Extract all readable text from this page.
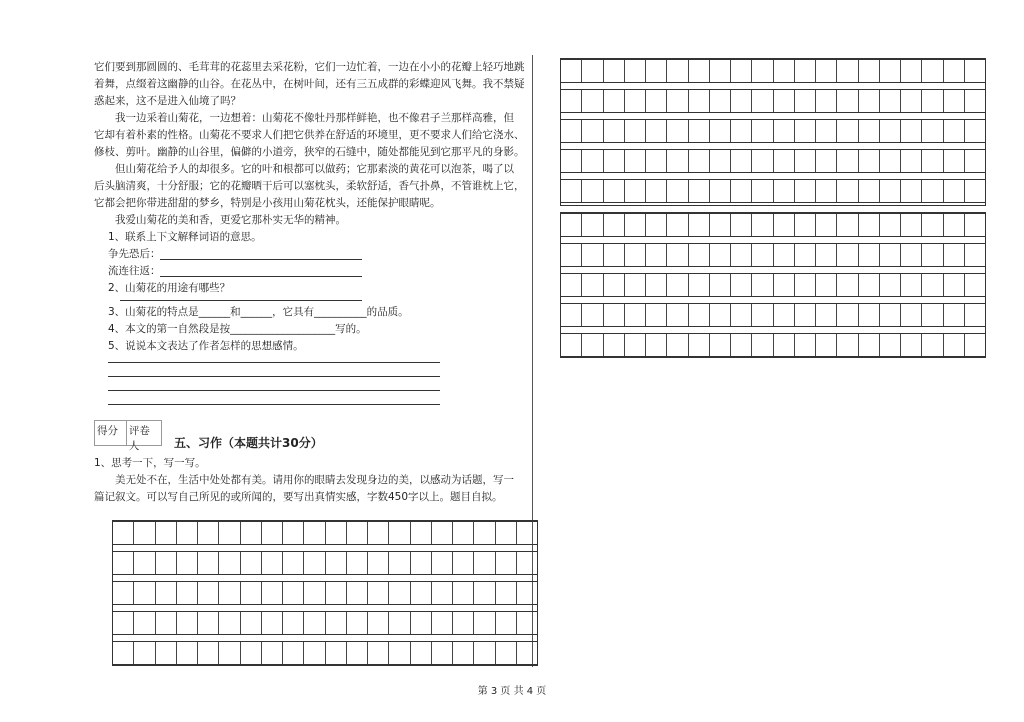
它们要到那圆圆的、毛茸茸的花蕊里去采花粉，它们一边忙着，一边在小小的花瓣上轻巧地跳
着舞，点缀着这幽静的山谷。在花丛中，在树叶间，还有三五成群的彩蝶迎风飞舞。我不禁疑
惑起来，这不是进入仙境了吗？
　　我一边采着山菊花，一边想着：山菊花不像牡丹那样鲜艳，也不像君子兰那样高雅，但
它却有着朴素的性格。山菊花不要求人们把它供养在舒适的环境里，更不要求人们给它浇水、
修枝、剪叶。幽静的山谷里，偏僻的小道旁，狭窄的石缝中，随处都能见到它那平凡的身影。
　　但山菊花给予人的却很多。它的叶和根都可以做药；它那素淡的黄花可以泡茶，喝了以
后头脑清爽，十分舒服；它的花瓣晒干后可以塞枕头，柔软舒适，香气扑鼻，不管谁枕上它，
它都会把你带进甜甜的梦乡，特别是小孩用山菊花枕头，还能保护眼睛呢。
　　我爱山菊花的美和香，更爱它那朴实无华的精神。
1、联系上下文解释词语的意思。
争先恐后：
流连往返：
2、山菊花的用途有哪些？
3、山菊花的特点是______和______，它具有__________的品质。
4、本文的第一自然段是按____________________写的。
5、说说本文表达了作者怎样的思想感情。
得分	评卷人	五、习作（本题共计30分）
1、思考一下，写一写。
　　美无处不在，生活中处处都有美。请用你的眼睛去发现身边的美，以感动为话题，写一
篇记叙文。可以写自己所见的或所闻的，要写出真情实感，字数450字以上。题目自拟。
第 3 页 共 4 页
